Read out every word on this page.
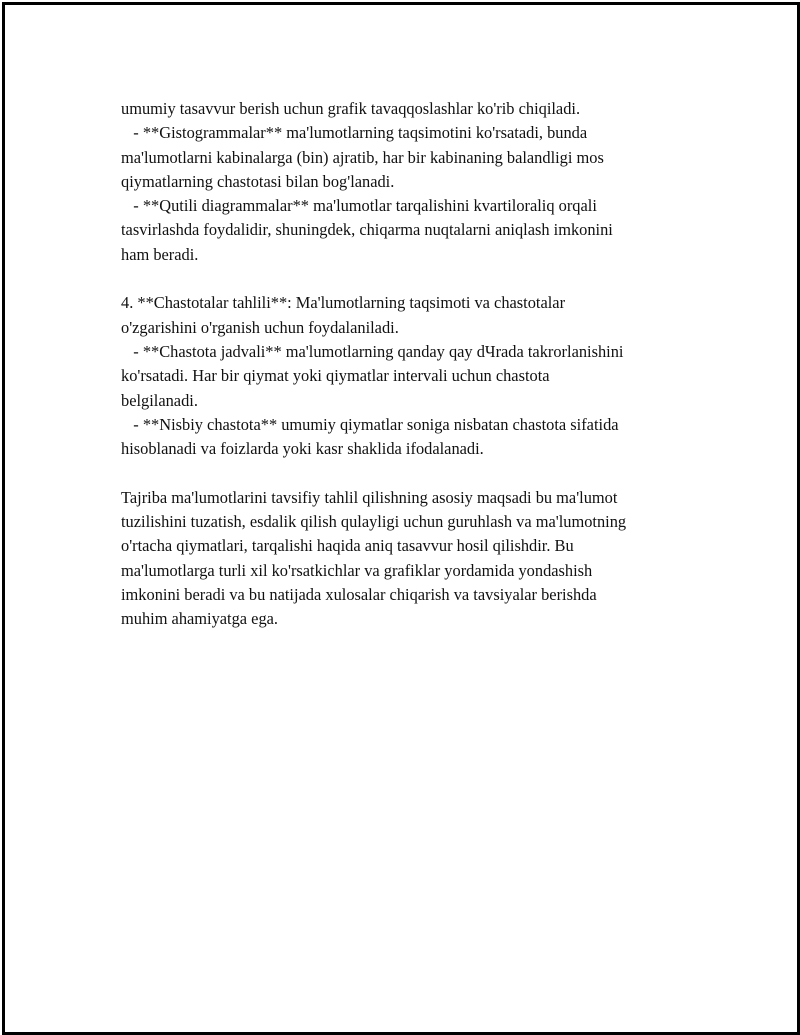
umumiy tasavvur berish uchun grafik tavaqqoslashlar ko'rib chiqiladi.
- **Gistogrammalar** ma'lumotlarning taqsimotini ko'rsatadi, bunda
ma'lumotlarni kabinalarga (bin) ajratib, har bir kabinaning balandligi mos
qiymatlarning chastotasi bilan bog'lanadi.
- **Qutili diagrammalar** ma'lumotlar tarqalishini kvartiloraliq orqali
tasvirlashda foydalidir, shuningdek, chiqarma nuqtalarni aniqlash imkonini
ham beradi.
4. **Chastotalar tahlili**: Ma'lumotlarning taqsimoti va chastotalar
o'zgarishini o'rganish uchun foydalaniladi.
- **Chastota jadvali** ma'lumotlarning qanday qay dЧrada takrorlanishini
ko'rsatadi. Har bir qiymat yoki qiymatlar intervali uchun chastota
belgilanadi.
- **Nisbiy chastota** umumiy qiymatlar soniga nisbatan chastota sifatida
hisoblanadi va foizlarda yoki kasr shaklida ifodalanadi.
Tajriba ma'lumotlarini tavsifiy tahlil qilishning asosiy maqsadi bu ma'lumot
tuzilishini tuzatish, esdalik qilish qulayligi uchun guruhlash va ma'lumotning
o'rtacha qiymatlari, tarqalishi haqida aniq tasavvur hosil qilishdir. Bu
ma'lumotlarga turli xil ko'rsatkichlar va grafiklar yordamida yondashish
imkonini beradi va bu natijada xulosalar chiqarish va tavsiyalar berishda
muhim ahamiyatga ega.
